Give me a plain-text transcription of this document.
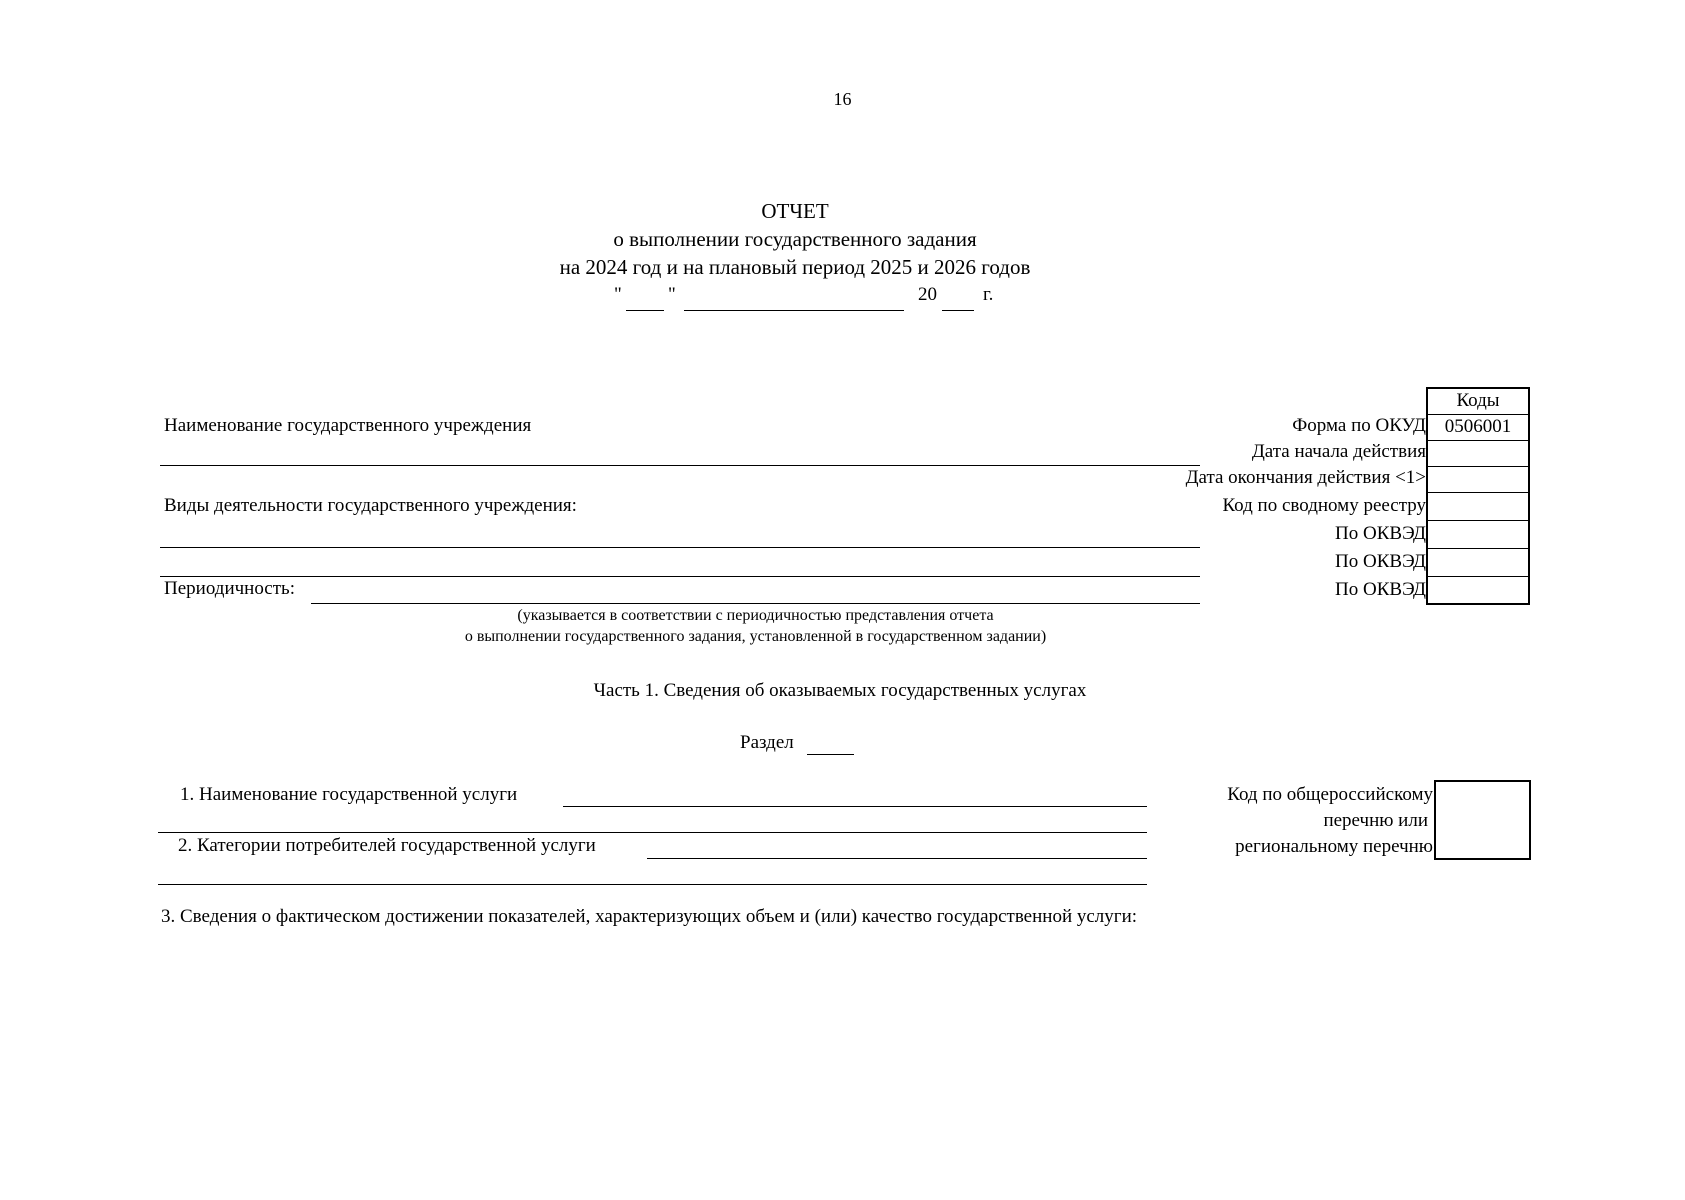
16
ОТЧЕТ
о выполнении государственного задания
на 2024 год и на плановый период 2025 и 2026 годов
" "	20 г.
Коды
0506001
Форма по ОКУД
Дата начала действия
Дата окончания действия <1>
Код по сводному реестру
По ОКВЭД
По ОКВЭД
По ОКВЭД
Наименование государственного учреждения
Виды деятельности государственного учреждения:
Периодичность:
(указывается в соответствии с периодичностью представления отчета
о выполнении государственного задания, установленной в государственном задании)
Часть 1. Сведения об оказываемых государственных услугах
Раздел
1. Наименование государственной услуги
2. Категории потребителей государственной услуги
Код по общероссийскому
перечню или
региональному перечню
3. Сведения о фактическом достижении показателей, характеризующих объем и (или) качество государственной услуги:
